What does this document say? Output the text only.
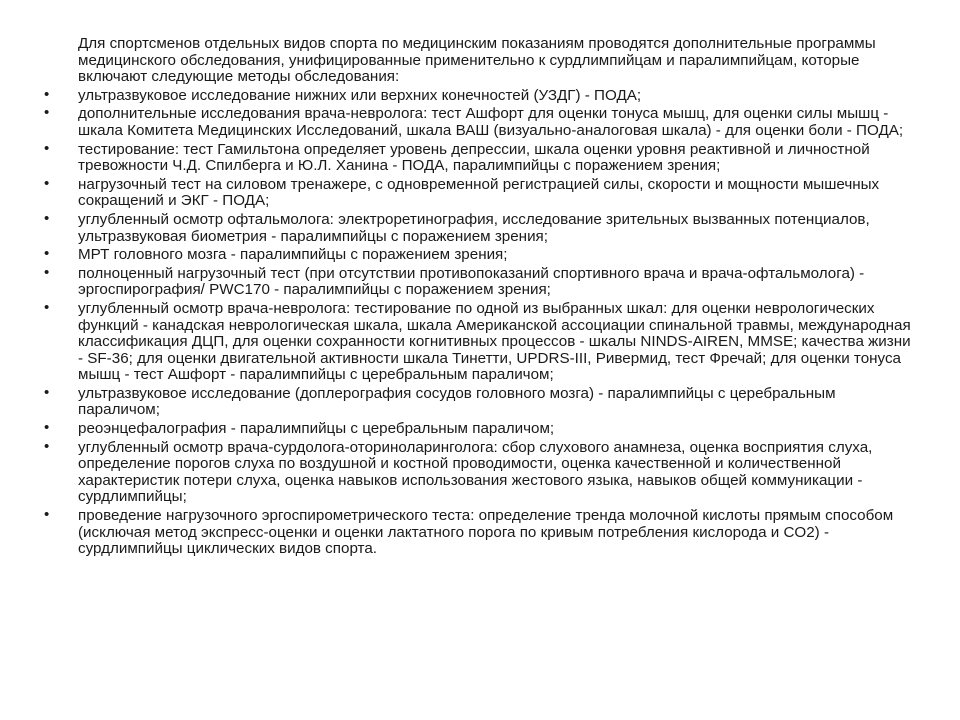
Для спортсменов отдельных видов спорта по медицинским показаниям проводятся дополнительные программы медицинского обследования, унифицированные применительно к сурдлимпийцам и паралимпийцам, которые включают следующие методы обследования:

• ультразвуковое исследование нижних или верхних конечностей (УЗДГ) - ПОДА;
• дополнительные исследования врача-невролога: тест Ашфорт для оценки тонуса мышц, для оценки силы мышц - шкала Комитета Медицинских Исследований, шкала ВАШ (визуально-аналоговая шкала) - для оценки боли - ПОДА;
• тестирование: тест Гамильтона определяет уровень депрессии, шкала оценки уровня реактивной и личностной тревожности Ч.Д. Спилберга и Ю.Л. Ханина - ПОДА, паралимпийцы с поражением зрения;
• нагрузочный тест на силовом тренажере, с одновременной регистрацией силы, скорости и мощности мышечных сокращений и ЭКГ - ПОДА;
• углубленный осмотр офтальмолога: электроретинография, исследование зрительных вызванных потенциалов, ультразвуковая биометрия - паралимпийцы с поражением зрения;
• МРТ головного мозга - паралимпийцы с поражением зрения;
• полноценный нагрузочный тест (при отсутствии противопоказаний спортивного врача и врача-офтальмолога) - эргоспирография/ PWC170 - паралимпийцы с поражением зрения;
• углубленный осмотр врача-невролога: тестирование по одной из выбранных шкал: для оценки неврологических функций - канадская неврологическая шкала, шкала Американской ассоциации спинальной травмы, международная классификация ДЦП, для оценки сохранности когнитивных процессов - шкалы NINDS-AIREN, MMSE; качества жизни - SF-36; для оценки двигательной активности шкала Тинетти, UPDRS-III, Ривермид, тест Фречай; для оценки тонуса мышц - тест Ашфорт - паралимпийцы с церебральным параличом;
• ультразвуковое исследование (доплерография сосудов головного мозга) - паралимпийцы с церебральным параличом;
• реоэнцефалография - паралимпийцы с церебральным параличом;
• углубленный осмотр врача-сурдолога-оториноларинголога: сбор слухового анамнеза, оценка восприятия слуха, определение порогов слуха по воздушной и костной проводимости, оценка качественной и количественной характеристик потери слуха, оценка навыков использования жестового языка, навыков общей коммуникации - сурдлимпийцы;
• проведение нагрузочного эргоспирометрического теста: определение тренда молочной кислоты прямым способом (исключая метод экспресс-оценки и оценки лактатного порога по кривым потребления кислорода и CO2) - сурдлимпийцы циклических видов спорта.
